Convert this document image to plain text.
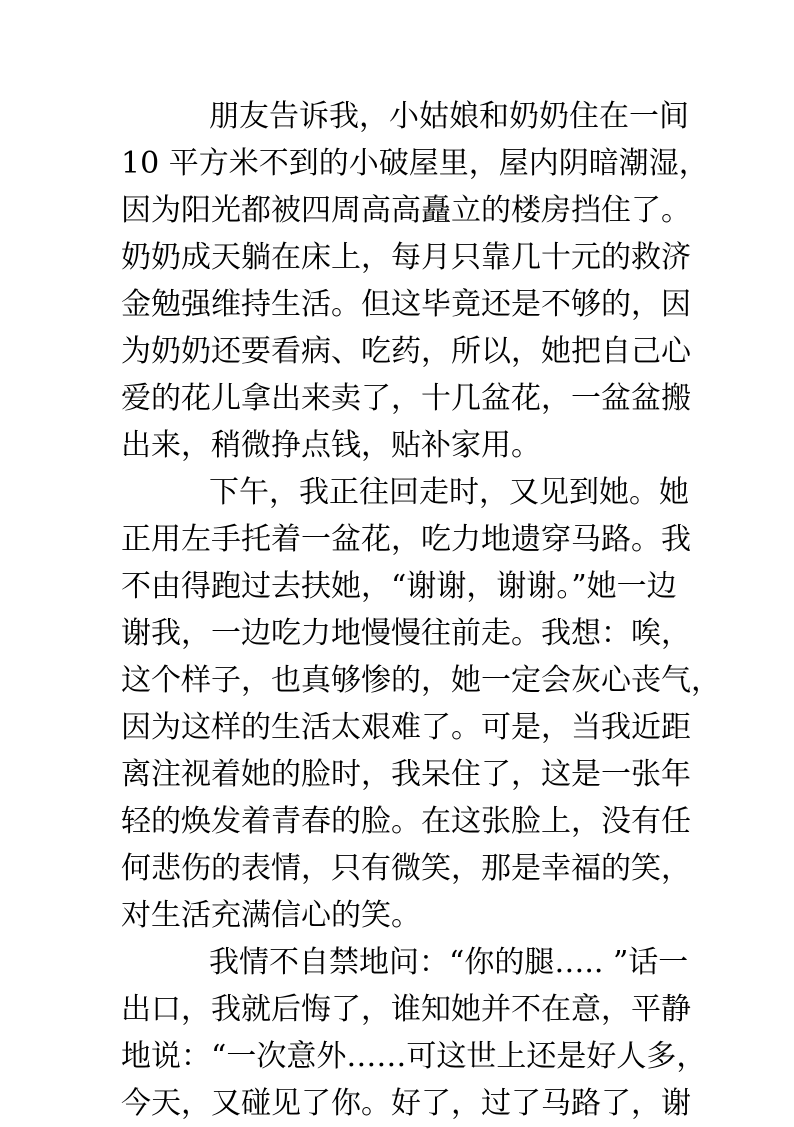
朋友告诉我，小姑娘和奶奶住在一间
10 平方米不到的小破屋里，屋内阴暗潮湿，
因为阳光都被四周高高矗立的楼房挡住了。
奶奶成天躺在床上，每月只靠几十元的救济
金勉强维持生活。但这毕竟还是不够的，因
为奶奶还要看病、吃药，所以，她把自己心
爱的花儿拿出来卖了，十几盆花，一盆盆搬
出来，稍微挣点钱，贴补家用。
下午，我正往回走时，又见到她。她
正用左手托着一盆花，吃力地遗穿马路。我
不由得跑过去扶她，“谢谢，谢谢。”她一边
谢我，一边吃力地慢慢往前走。我想：唉，
这个样子，也真够惨的，她一定会灰心丧气，
因为这样的生活太艰难了。可是，当我近距
离注视着她的脸时，我呆住了，这是一张年
轻的焕发着青春的脸。在这张脸上，没有任
何悲伤的表情，只有微笑，那是幸福的笑，
对生活充满信心的笑。
我情不自禁地问：“你的腿….. ”话一
出口，我就后悔了，谁知她并不在意，平静
地说：“一次意外……可这世上还是好人多，
今天，又碰见了你。好了，过了马路了，谢
